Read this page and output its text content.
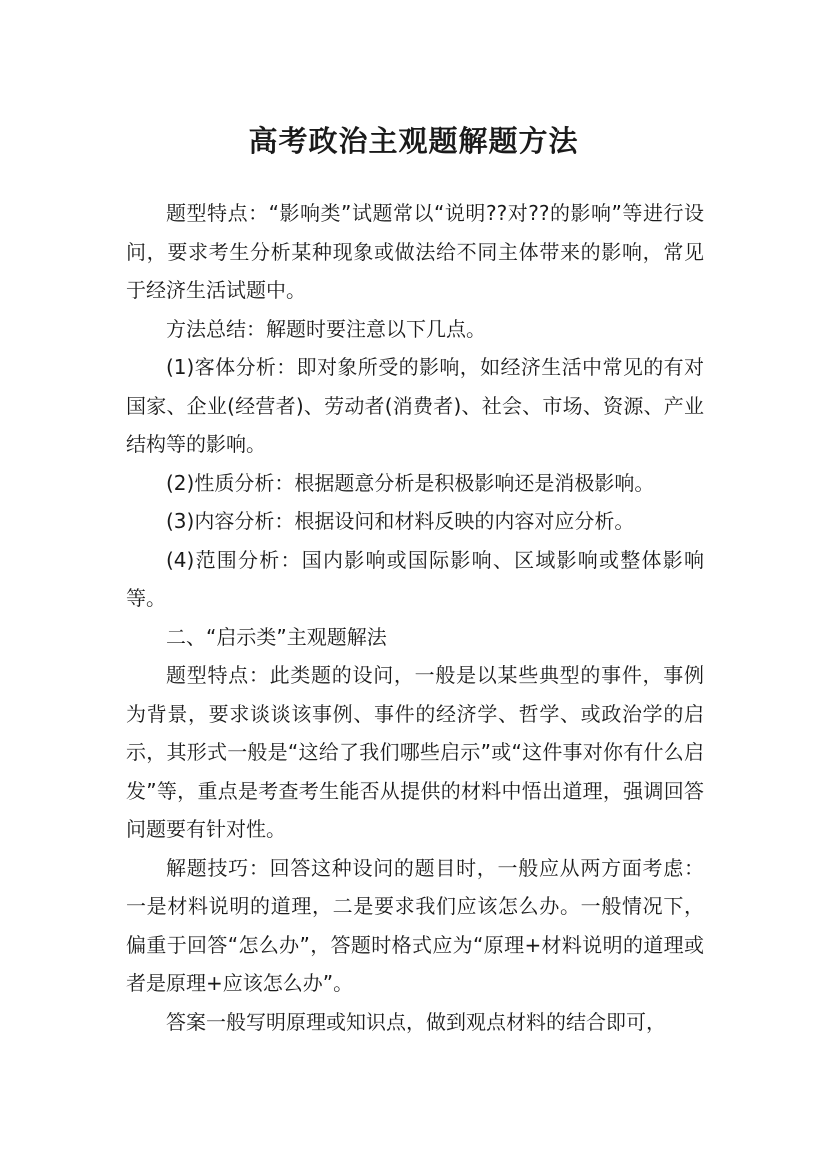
高考政治主观题解题方法

题型特点：“影响类”试题常以“说明??对??的影响”等进行设问，要求考生分析某种现象或做法给不同主体带来的影响，常见于经济生活试题中。

方法总结：解题时要注意以下几点。

(1)客体分析：即对象所受的影响，如经济生活中常见的有对国家、企业(经营者)、劳动者(消费者)、社会、市场、资源、产业结构等的影响。

(2)性质分析：根据题意分析是积极影响还是消极影响。

(3)内容分析：根据设问和材料反映的内容对应分析。

(4)范围分析：国内影响或国际影响、区域影响或整体影响等。

二、“启示类”主观题解法

题型特点：此类题的设问，一般是以某些典型的事件，事例为背景，要求谈谈该事例、事件的经济学、哲学、或政治学的启示，其形式一般是“这给了我们哪些启示”或“这件事对你有什么启发”等，重点是考查考生能否从提供的材料中悟出道理，强调回答问题要有针对性。

解题技巧：回答这种设问的题目时，一般应从两方面考虑：一是材料说明的道理，二是要求我们应该怎么办。一般情况下，偏重于回答“怎么办”，答题时格式应为“原理+材料说明的道理或者是原理+应该怎么办”。

答案一般写明原理或知识点，做到观点材料的结合即可，
